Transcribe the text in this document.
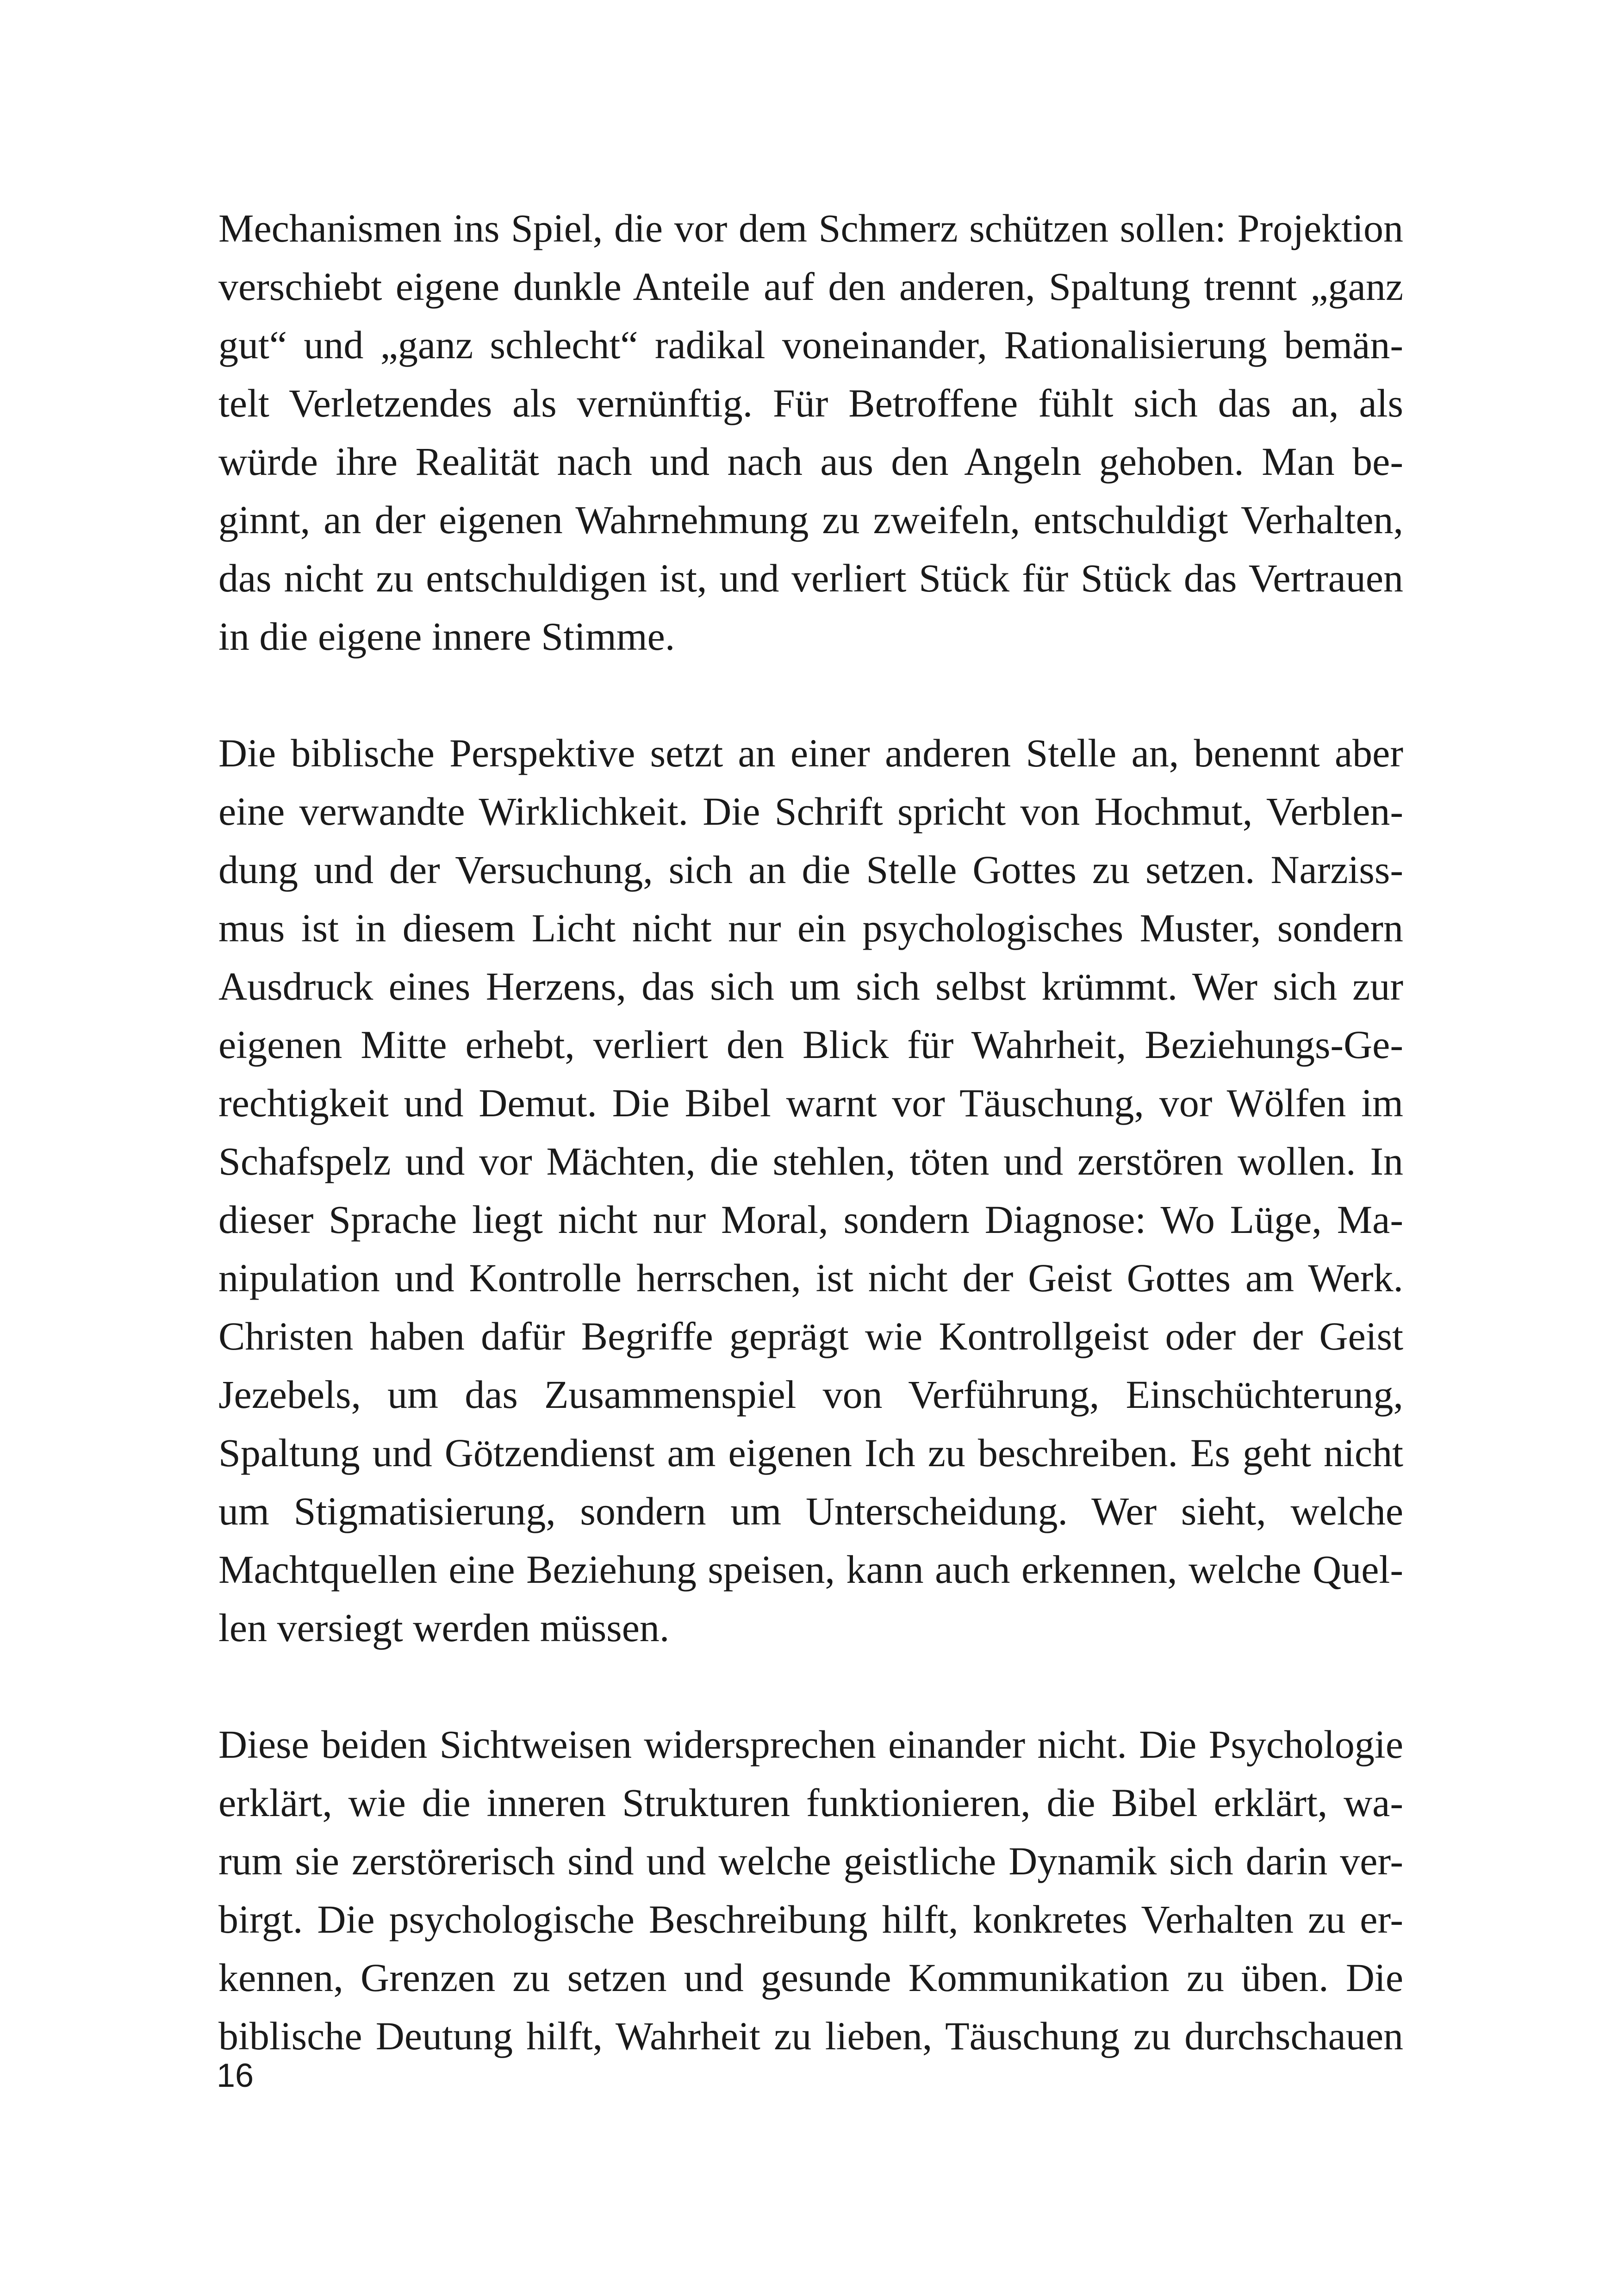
Mechanismen ins Spiel, die vor dem Schmerz schützen sollen: Projektion
verschiebt eigene dunkle Anteile auf den anderen, Spaltung trennt „ganz
gut“ und „ganz schlecht“ radikal voneinander, Rationalisierung bemän-
telt Verletzendes als vernünftig. Für Betroffene fühlt sich das an, als
würde ihre Realität nach und nach aus den Angeln gehoben. Man be-
ginnt, an der eigenen Wahrnehmung zu zweifeln, entschuldigt Verhalten,
das nicht zu entschuldigen ist, und verliert Stück für Stück das Vertrauen
in die eigene innere Stimme.

Die biblische Perspektive setzt an einer anderen Stelle an, benennt aber
eine verwandte Wirklichkeit. Die Schrift spricht von Hochmut, Verblen-
dung und der Versuchung, sich an die Stelle Gottes zu setzen. Narziss-
mus ist in diesem Licht nicht nur ein psychologisches Muster, sondern
Ausdruck eines Herzens, das sich um sich selbst krümmt. Wer sich zur
eigenen Mitte erhebt, verliert den Blick für Wahrheit, Beziehungs-Ge-
rechtigkeit und Demut. Die Bibel warnt vor Täuschung, vor Wölfen im
Schafspelz und vor Mächten, die stehlen, töten und zerstören wollen. In
dieser Sprache liegt nicht nur Moral, sondern Diagnose: Wo Lüge, Ma-
nipulation und Kontrolle herrschen, ist nicht der Geist Gottes am Werk.
Christen haben dafür Begriffe geprägt wie Kontrollgeist oder der Geist
Jezebels, um das Zusammenspiel von Verführung, Einschüchterung,
Spaltung und Götzendienst am eigenen Ich zu beschreiben. Es geht nicht
um Stigmatisierung, sondern um Unterscheidung. Wer sieht, welche
Machtquellen eine Beziehung speisen, kann auch erkennen, welche Quel-
len versiegt werden müssen.

Diese beiden Sichtweisen widersprechen einander nicht. Die Psychologie
erklärt, wie die inneren Strukturen funktionieren, die Bibel erklärt, wa-
rum sie zerstörerisch sind und welche geistliche Dynamik sich darin ver-
birgt. Die psychologische Beschreibung hilft, konkretes Verhalten zu er-
kennen, Grenzen zu setzen und gesunde Kommunikation zu üben. Die
biblische Deutung hilft, Wahrheit zu lieben, Täuschung zu durchschauen

16
